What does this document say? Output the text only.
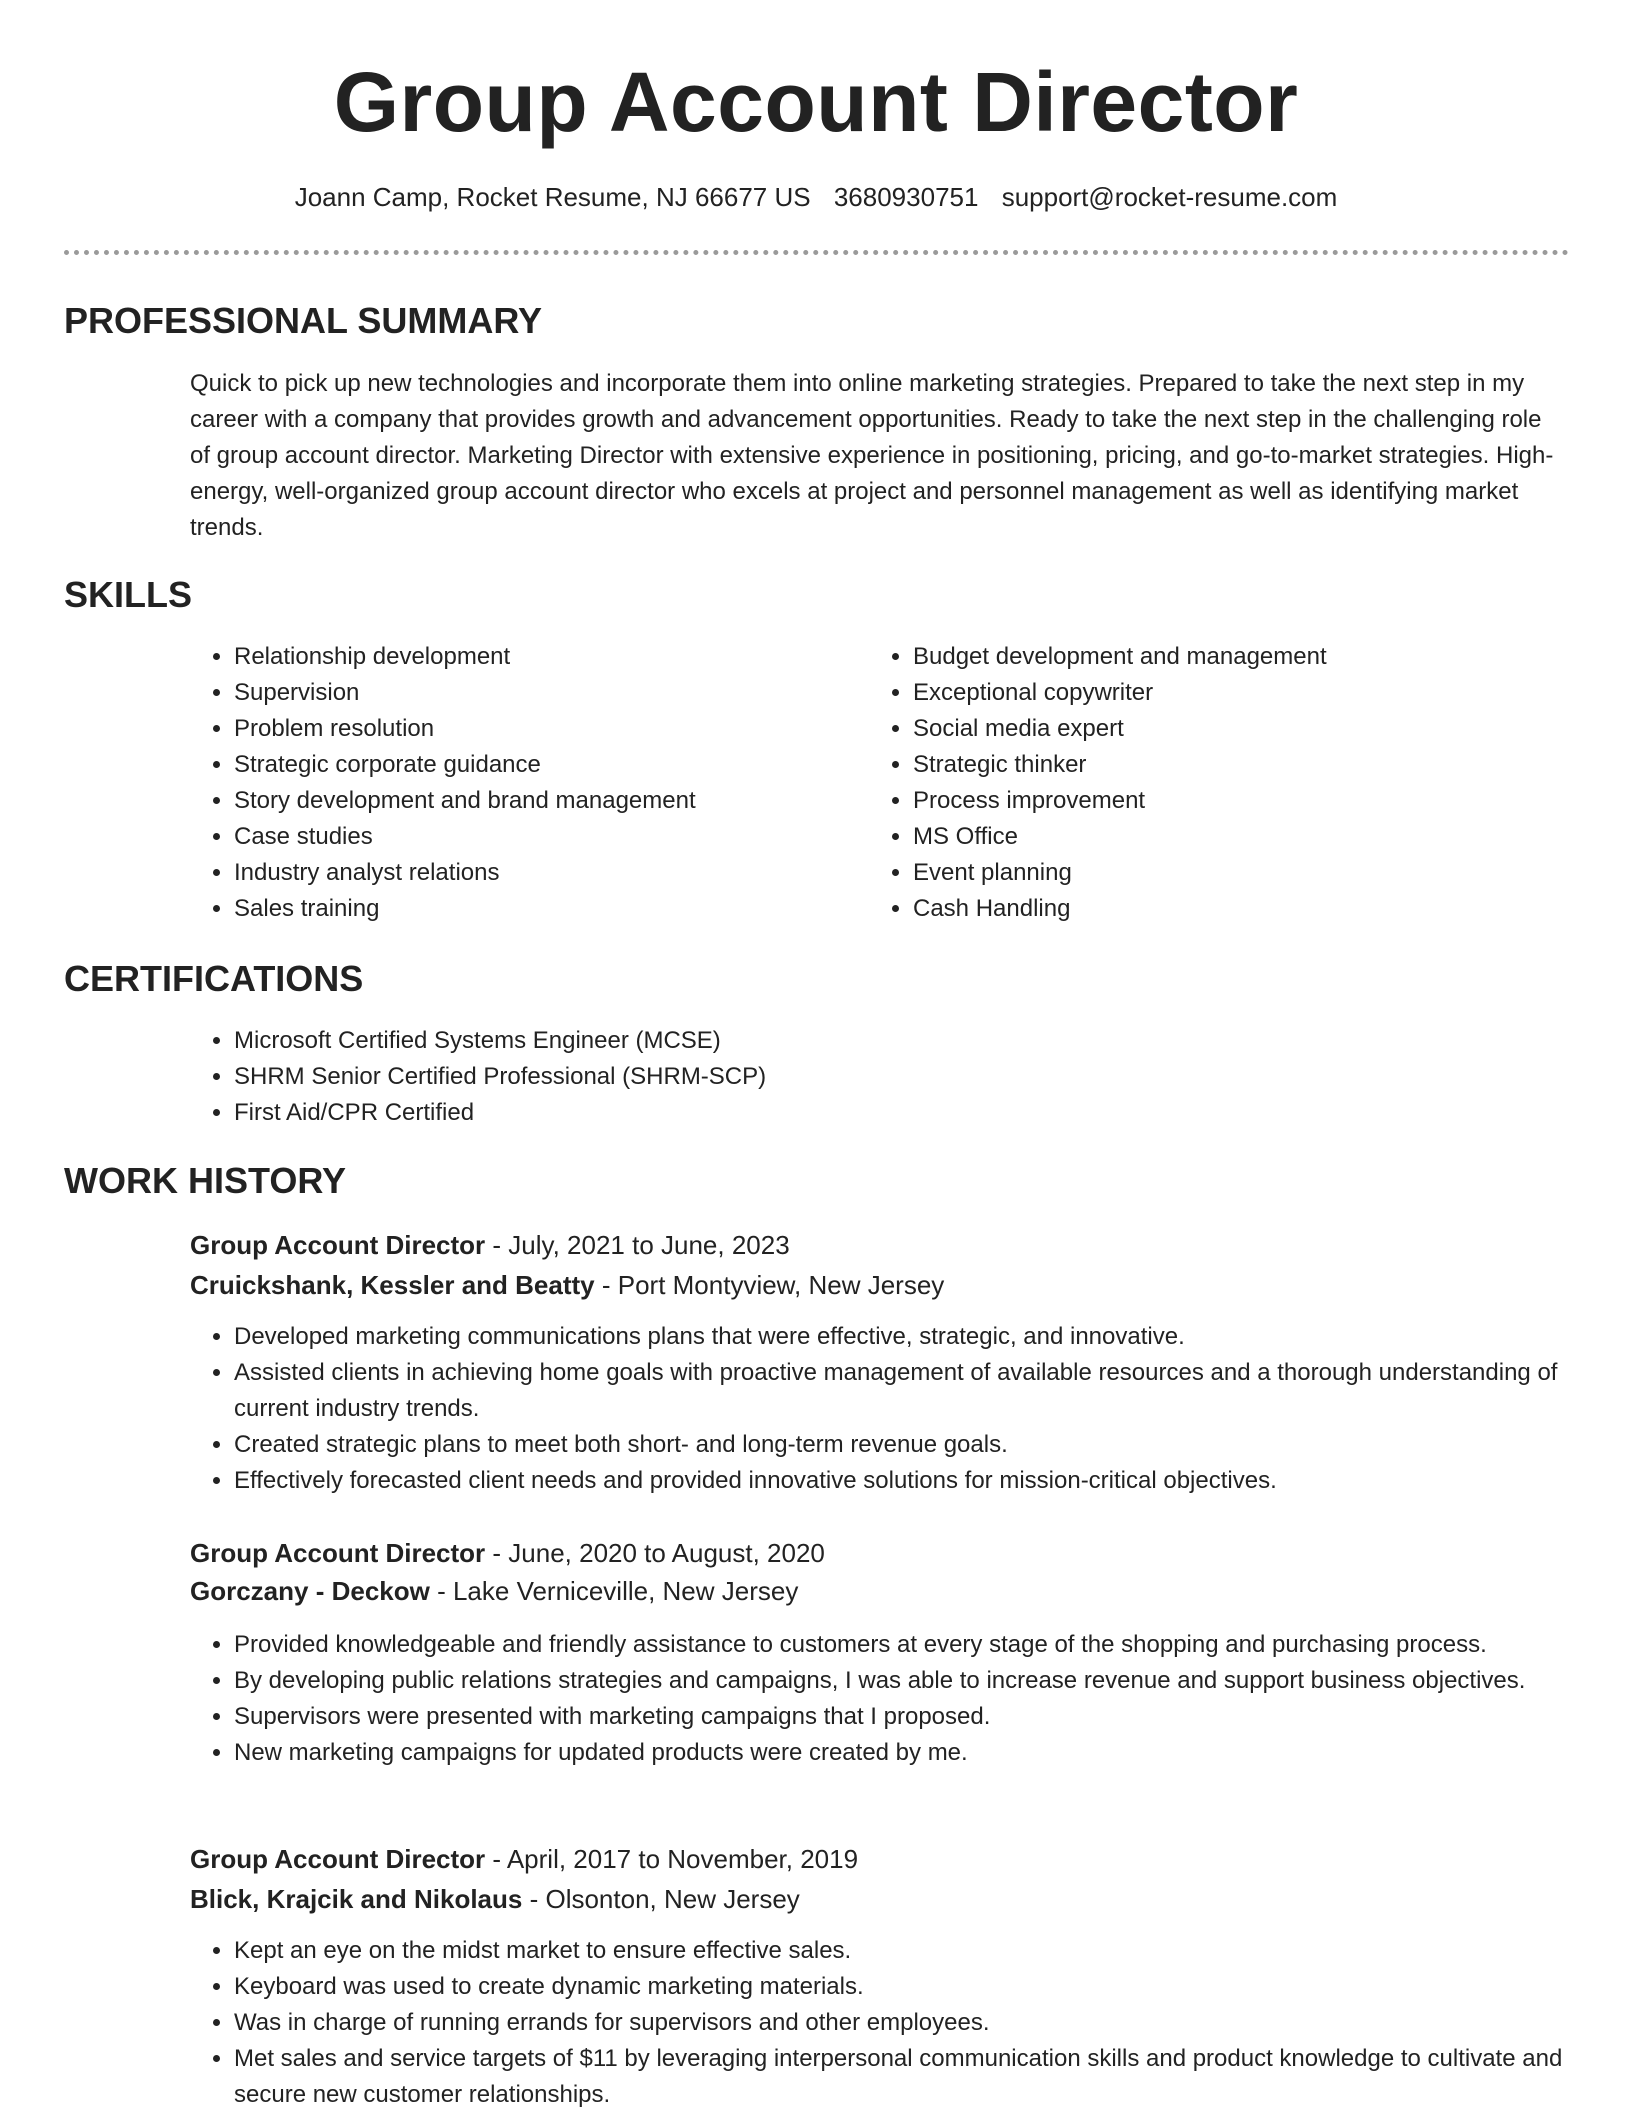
Group Account Director
Joann Camp, Rocket Resume, NJ 66677 US 3680930751 support@rocket-resume.com
PROFESSIONAL SUMMARY

Quick to pick up new technologies and incorporate them into online marketing strategies. Prepared to take the next step in my career with a company that provides growth and advancement opportunities. Ready to take the next step in the challenging role of group account director. Marketing Director with extensive experience in positioning, pricing, and go-to-market strategies. High-energy, well-organized group account director who excels at project and personnel management as well as identifying market trends.

SKILLS
• Relationship development
• Supervision
• Problem resolution
• Strategic corporate guidance
• Story development and brand management
• Case studies
• Industry analyst relations
• Sales training
• Budget development and management
• Exceptional copywriter
• Social media expert
• Strategic thinker
• Process improvement
• MS Office
• Event planning
• Cash Handling
CERTIFICATIONS
• Microsoft Certified Systems Engineer (MCSE)
• SHRM Senior Certified Professional (SHRM-SCP)
• First Aid/CPR Certified
WORK HISTORY
Group Account Director - July, 2021 to June, 2023
Cruickshank, Kessler and Beatty - Port Montyview, New Jersey
• Developed marketing communications plans that were effective, strategic, and innovative.
• Assisted clients in achieving home goals with proactive management of available resources and a thorough understanding of current industry trends.
• Created strategic plans to meet both short- and long-term revenue goals.
• Effectively forecasted client needs and provided innovative solutions for mission-critical objectives.
Group Account Director - June, 2020 to August, 2020
Gorczany - Deckow - Lake Verniceville, New Jersey
• Provided knowledgeable and friendly assistance to customers at every stage of the shopping and purchasing process.
• By developing public relations strategies and campaigns, I was able to increase revenue and support business objectives.
• Supervisors were presented with marketing campaigns that I proposed.
• New marketing campaigns for updated products were created by me.
Group Account Director - April, 2017 to November, 2019
Blick, Krajcik and Nikolaus - Olsonton, New Jersey
• Kept an eye on the midst market to ensure effective sales.
• Keyboard was used to create dynamic marketing materials.
• Was in charge of running errands for supervisors and other employees.
• Met sales and service targets of $11 by leveraging interpersonal communication skills and product knowledge to cultivate and secure new customer relationships.
